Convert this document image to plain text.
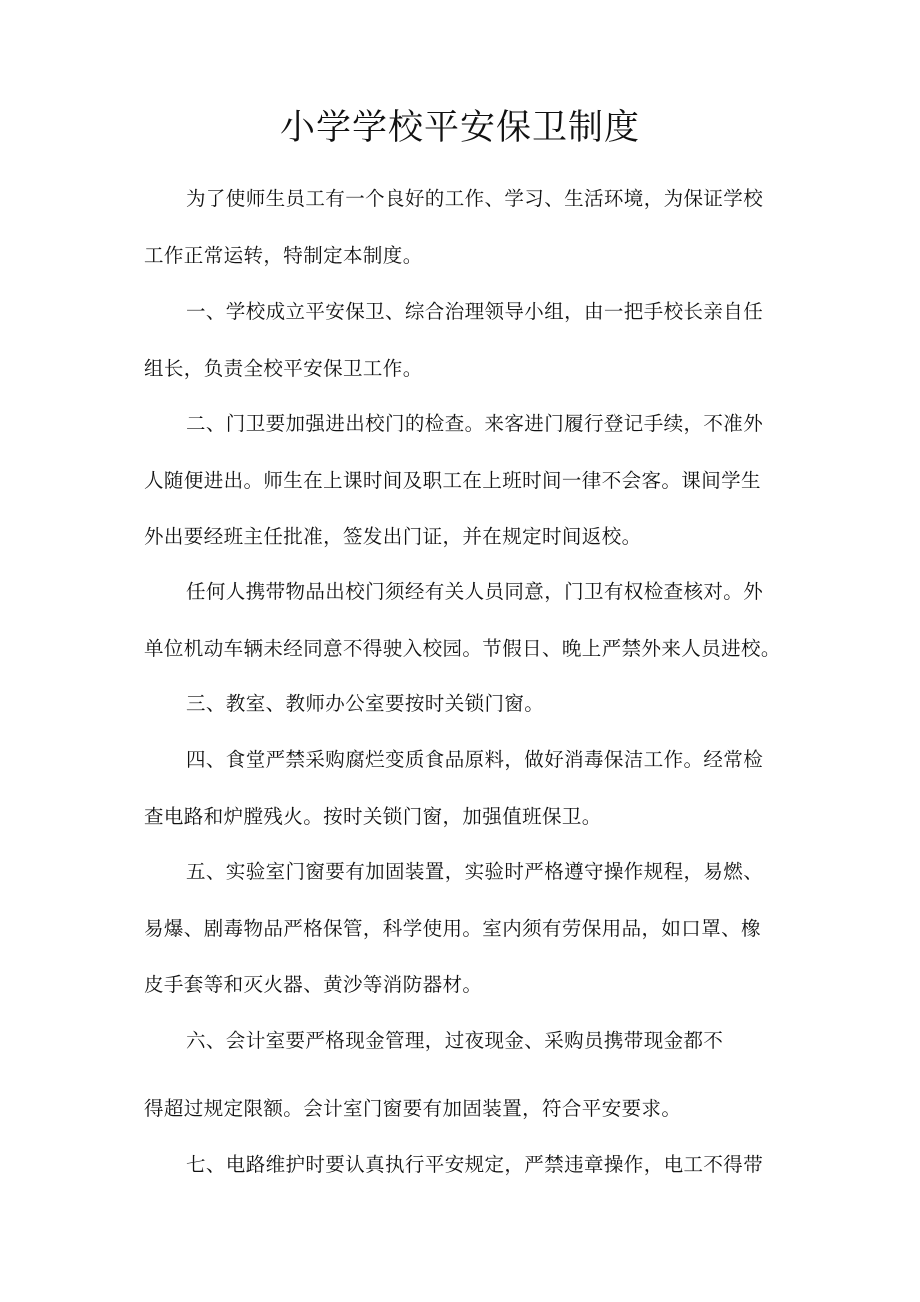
小学学校平安保卫制度
为了使师生员工有一个良好的工作、学习、生活环境，为保证学校
工作正常运转，特制定本制度。
一、学校成立平安保卫、综合治理领导小组，由一把手校长亲自任
组长，负责全校平安保卫工作。
二、门卫要加强进出校门的检查。来客进门履行登记手续，不准外
人随便进出。师生在上课时间及职工在上班时间一律不会客。课间学生
外出要经班主任批准，签发出门证，并在规定时间返校。
任何人携带物品出校门须经有关人员同意，门卫有权检查核对。外
单位机动车辆未经同意不得驶入校园。节假日、晚上严禁外来人员进校。
三、教室、教师办公室要按时关锁门窗。
四、食堂严禁采购腐烂变质食品原料，做好消毒保洁工作。经常检
查电路和炉膛残火。按时关锁门窗，加强值班保卫。
五、实验室门窗要有加固装置，实验时严格遵守操作规程，易燃、
易爆、剧毒物品严格保管，科学使用。室内须有劳保用品，如口罩、橡
皮手套等和灭火器、黄沙等消防器材。
六、会计室要严格现金管理，过夜现金、采购员携带现金都不
得超过规定限额。会计室门窗要有加固装置，符合平安要求。
七、电路维护时要认真执行平安规定，严禁违章操作，电工不得带
